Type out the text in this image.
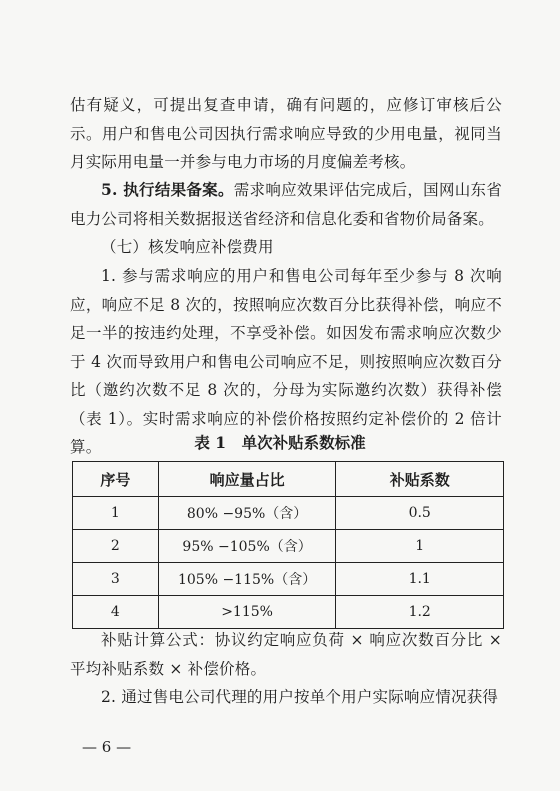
估有疑义，可提出复查申请，确有问题的，应修订审核后公示。用户和售电公司因执行需求响应导致的少用电量，视同当月实际用电量一并参与电力市场的月度偏差考核。

5. 执行结果备案。需求响应效果评估完成后，国网山东省电力公司将相关数据报送省经济和信息化委和省物价局备案。

（七）核发响应补偿费用

1. 参与需求响应的用户和售电公司每年至少参与 8 次响应，响应不足 8 次的，按照响应次数百分比获得补偿，响应不足一半的按违约处理，不享受补偿。如因发布需求响应次数少于 4 次而导致用户和售电公司响应不足，则按照响应次数百分比（邀约次数不足 8 次的，分母为实际邀约次数）获得补偿（表 1）。实时需求响应的补偿价格按照约定补偿价的 2 倍计算。	表 1　单次补贴系数标准
序号	响应量占比	补贴系数
1	80% −95%（含）	0.5
2	95% −105%（含）	1
3	105% −115%（含）	1.1
4	>115%	1.2

补贴计算公式：协议约定响应负荷 × 响应次数百分比 × 平均补贴系数 × 补偿价格。

2. 通过售电公司代理的用户按单个用户实际响应情况获得

— 6 —
